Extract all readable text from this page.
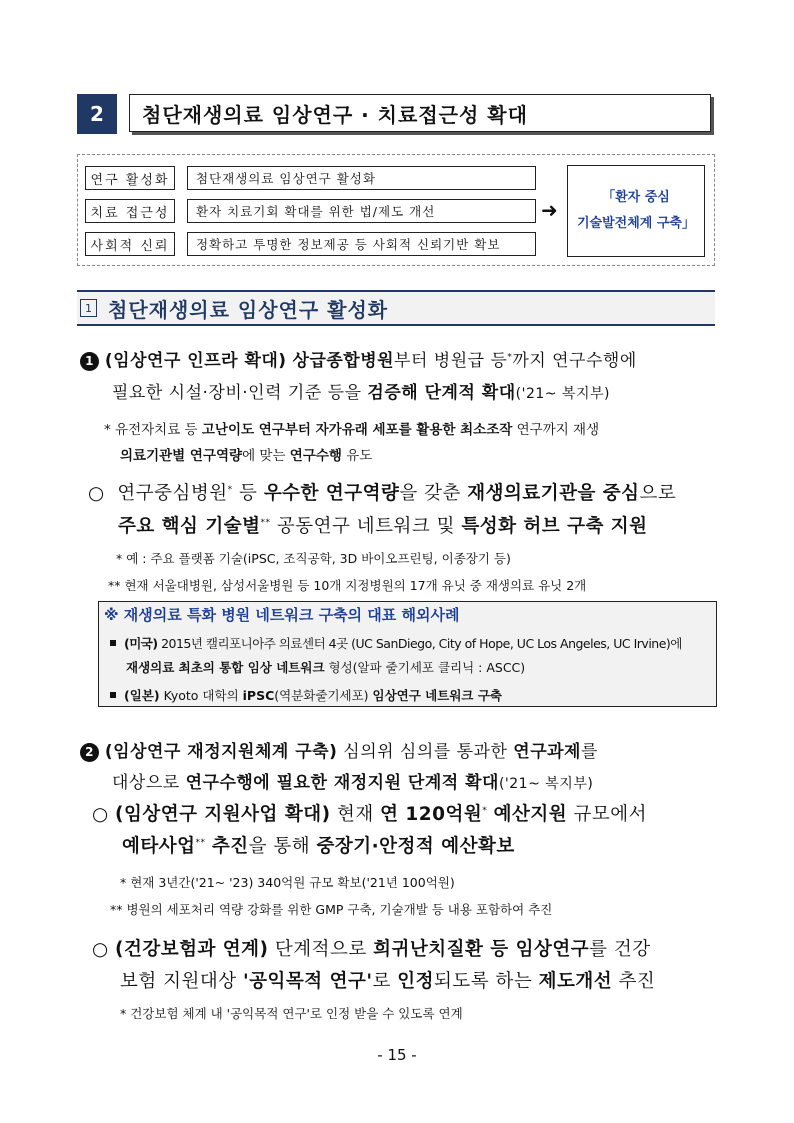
2	첨단재생의료 임상연구 · 치료접근성 확대
연구 활성화	첨단재생의료 임상연구 활성화
치료 접근성	환자 치료기회 확대를 위한 법/제도 개선
사회적 신뢰	정확하고 투명한 정보제공 등 사회적 신뢰기반 확보
➜
「환자 중심
기술발전체계 구축」
1 첨단재생의료 임상연구 활성화
1 (임상연구 인프라 확대) 상급종합병원부터 병원급 등*까지 연구수행에
필요한 시설·장비·인력 기준 등을 검증해 단계적 확대('21~ 복지부)
* 유전자치료 등 고난이도 연구부터 자가유래 세포를 활용한 최소조작 연구까지 재생
의료기관별 연구역량에 맞는 연구수행 유도
○ 연구중심병원* 등 우수한 연구역량을 갖춘 재생의료기관을 중심으로
주요 핵심 기술별** 공동연구 네트워크 및 특성화 허브 구축 지원
* 예 : 주요 플랫폼 기술(iPSC, 조직공학, 3D 바이오프린팅, 이종장기 등)
** 현재 서울대병원, 삼성서울병원 등 10개 지정병원의 17개 유닛 중 재생의료 유닛 2개
※ 재생의료 특화 병원 네트워크 구축의 대표 해외사례
(미국) 2015년 캘리포니아주 의료센터 4곳 (UC SanDiego, City of Hope, UC Los Angeles, UC Irvine)에
재생의료 최초의 통합 임상 네트워크 형성(알파 줄기세포 클리닉 : ASCC)
(일본) Kyoto 대학의 iPSC(역분화줄기세포) 임상연구 네트워크 구축
2 (임상연구 재정지원체계 구축) 심의위 심의를 통과한 연구과제를
대상으로 연구수행에 필요한 재정지원 단계적 확대('21~ 복지부)
○ (임상연구 지원사업 확대) 현재 연 120억원* 예산지원 규모에서
예타사업** 추진을 통해 중장기·안정적 예산확보
* 현재 3년간('21~ '23) 340억원 규모 확보('21년 100억원)
** 병원의 세포처리 역량 강화를 위한 GMP 구축, 기술개발 등 내용 포함하여 추진
○ (건강보험과 연계) 단계적으로 희귀난치질환 등 임상연구를 건강
보험 지원대상 '공익목적 연구'로 인정되도록 하는 제도개선 추진
* 건강보험 체계 내 '공익목적 연구'로 인정 받을 수 있도록 연계
- 15 -
